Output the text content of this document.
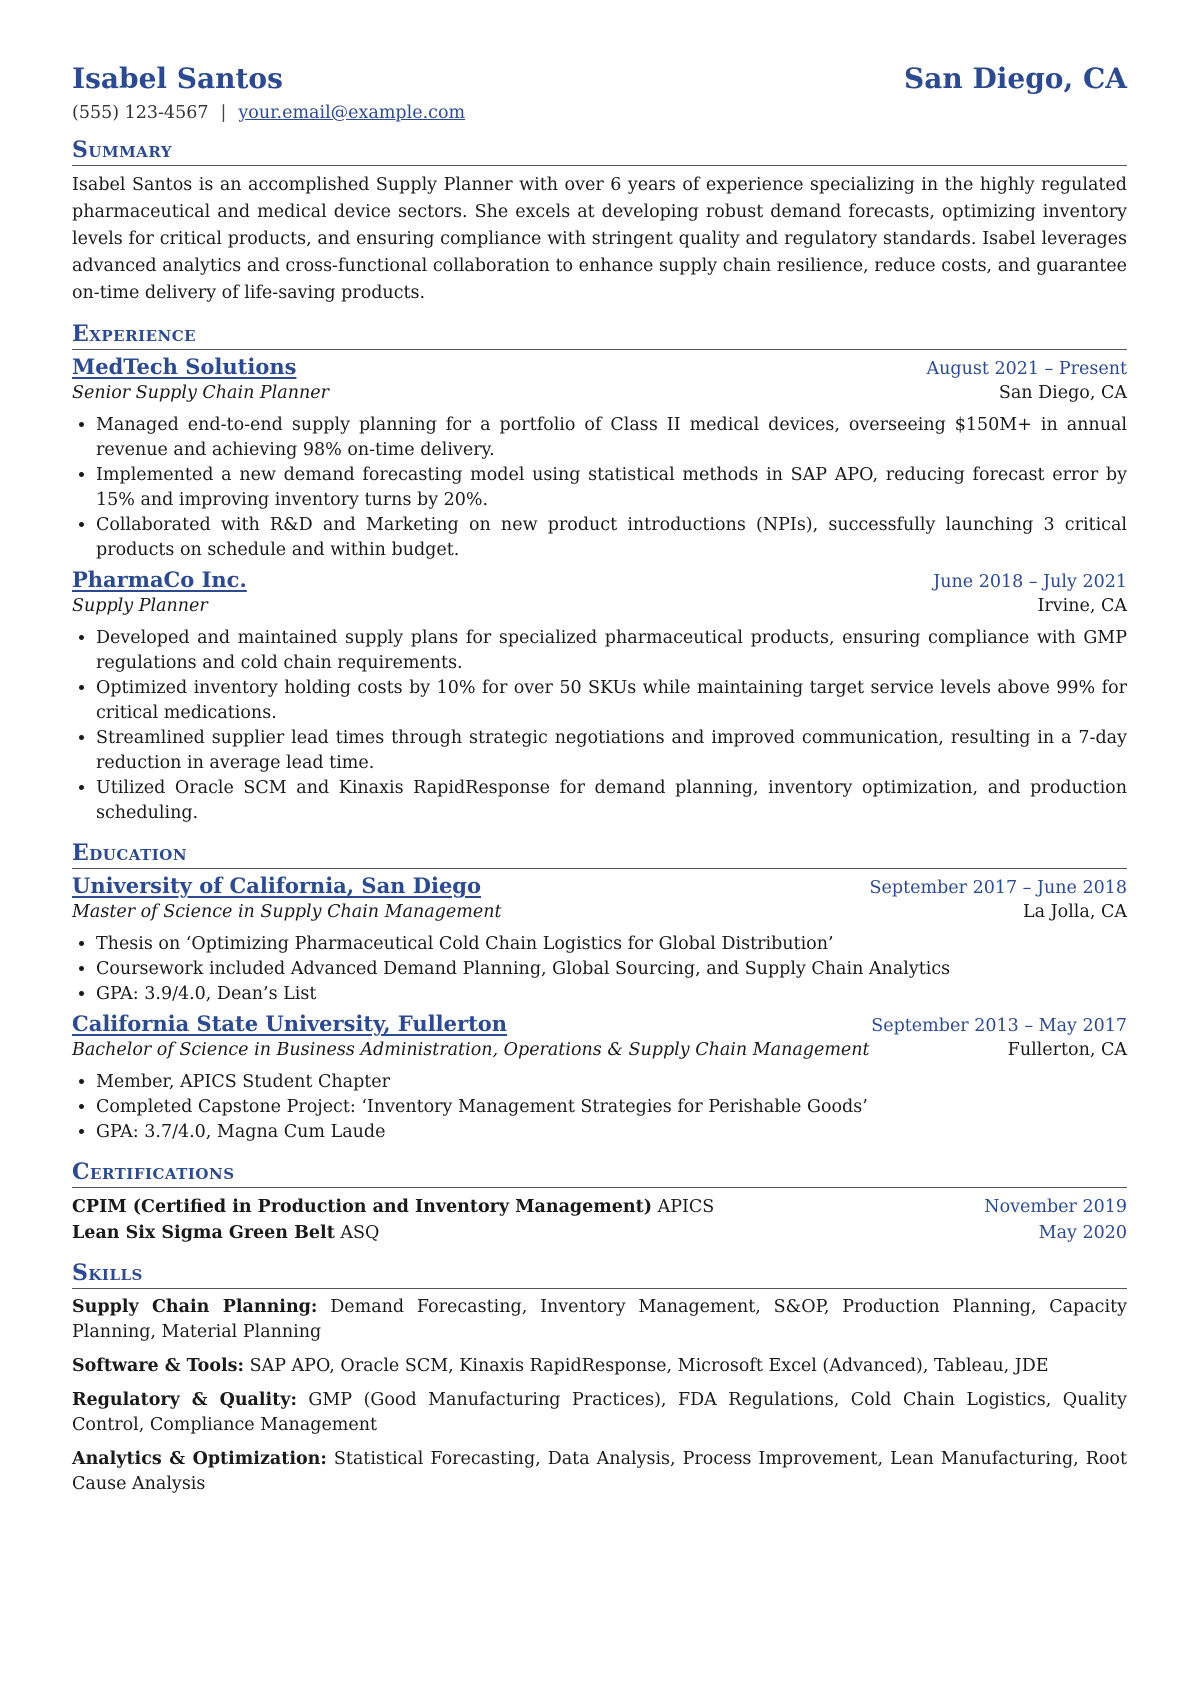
Isabel Santos	San Diego, CA
(555) 123-4567 | your.email@example.com
Summary
Isabel Santos is an accomplished Supply Planner with over 6 years of experience specializing in the highly regulated pharmaceutical and medical device sectors. She excels at developing robust demand forecasts, optimizing inventory levels for critical products, and ensuring compliance with stringent quality and regulatory standards. Isabel leverages advanced analytics and cross-functional collaboration to enhance supply chain resilience, reduce costs, and guarantee on-time delivery of life-saving products.
Experience
MedTech Solutions	August 2021 – Present
Senior Supply Chain Planner	San Diego, CA
• Managed end-to-end supply planning for a portfolio of Class II medical devices, overseeing $150M+ in annual revenue and achieving 98% on-time delivery.
• Implemented a new demand forecasting model using statistical methods in SAP APO, reducing forecast error by 15% and improving inventory turns by 20%.
• Collaborated with R&D and Marketing on new product introductions (NPIs), successfully launching 3 critical products on schedule and within budget.
PharmaCo Inc.	June 2018 – July 2021
Supply Planner	Irvine, CA
• Developed and maintained supply plans for specialized pharmaceutical products, ensuring compliance with GMP regulations and cold chain requirements.
• Optimized inventory holding costs by 10% for over 50 SKUs while maintaining target service levels above 99% for critical medications.
• Streamlined supplier lead times through strategic negotiations and improved communication, resulting in a 7-day reduction in average lead time.
• Utilized Oracle SCM and Kinaxis RapidResponse for demand planning, inventory optimization, and production scheduling.
Education
University of California, San Diego	September 2017 – June 2018
Master of Science in Supply Chain Management	La Jolla, CA
• Thesis on ‘Optimizing Pharmaceutical Cold Chain Logistics for Global Distribution’
• Coursework included Advanced Demand Planning, Global Sourcing, and Supply Chain Analytics
• GPA: 3.9/4.0, Dean’s List
California State University, Fullerton	September 2013 – May 2017
Bachelor of Science in Business Administration, Operations & Supply Chain Management	Fullerton, CA
• Member, APICS Student Chapter
• Completed Capstone Project: ‘Inventory Management Strategies for Perishable Goods’
• GPA: 3.7/4.0, Magna Cum Laude
Certifications
CPIM (Certified in Production and Inventory Management) APICS	November 2019
Lean Six Sigma Green Belt ASQ	May 2020
Skills
Supply Chain Planning: Demand Forecasting, Inventory Management, S&OP, Production Planning, Capacity Planning, Material Planning
Software & Tools: SAP APO, Oracle SCM, Kinaxis RapidResponse, Microsoft Excel (Advanced), Tableau, JDE
Regulatory & Quality: GMP (Good Manufacturing Practices), FDA Regulations, Cold Chain Logistics, Quality Control, Compliance Management
Analytics & Optimization: Statistical Forecasting, Data Analysis, Process Improvement, Lean Manufacturing, Root Cause Analysis
